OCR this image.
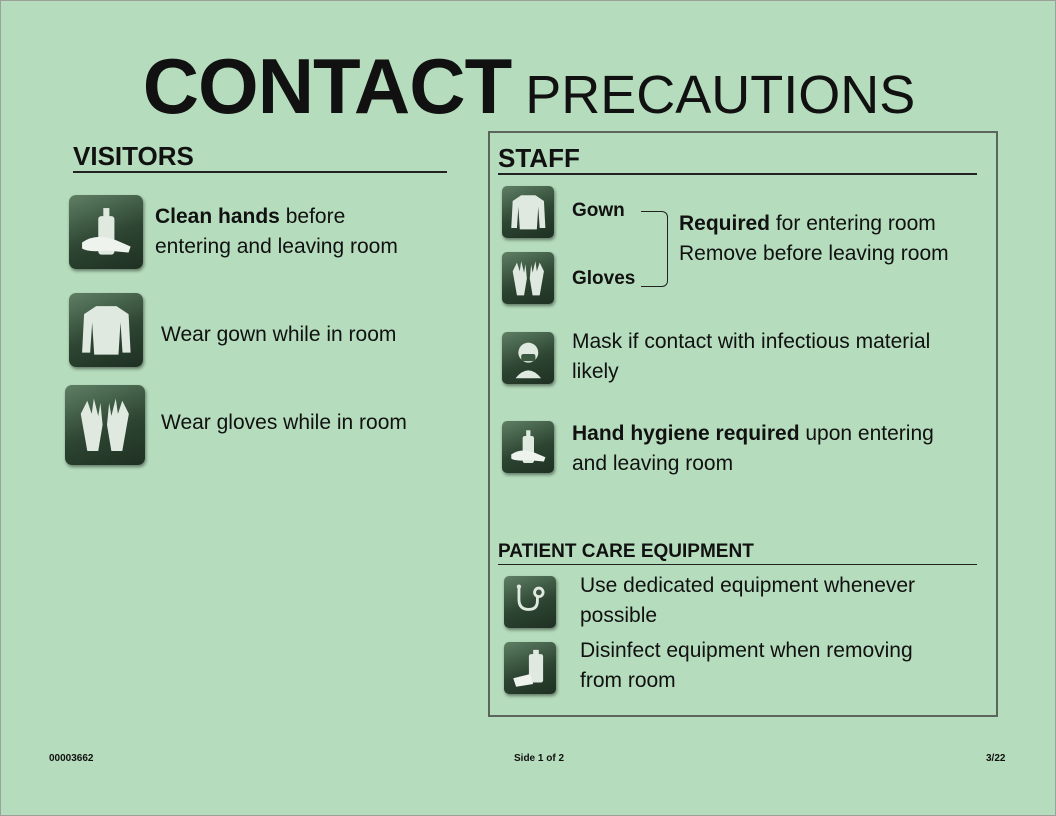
CONTACT PRECAUTIONS
VISITORS
Clean hands before
entering and leaving room
Wear gown while in room
Wear gloves while in room
STAFF
Gown
Gloves
Required for entering room
Remove before leaving room
Mask if contact with infectious material
likely
Hand hygiene required upon entering
and leaving room
PATIENT CARE EQUIPMENT
Use dedicated equipment whenever
possible
Disinfect equipment when removing
from room
00003662	Side 1 of 2	3/22
